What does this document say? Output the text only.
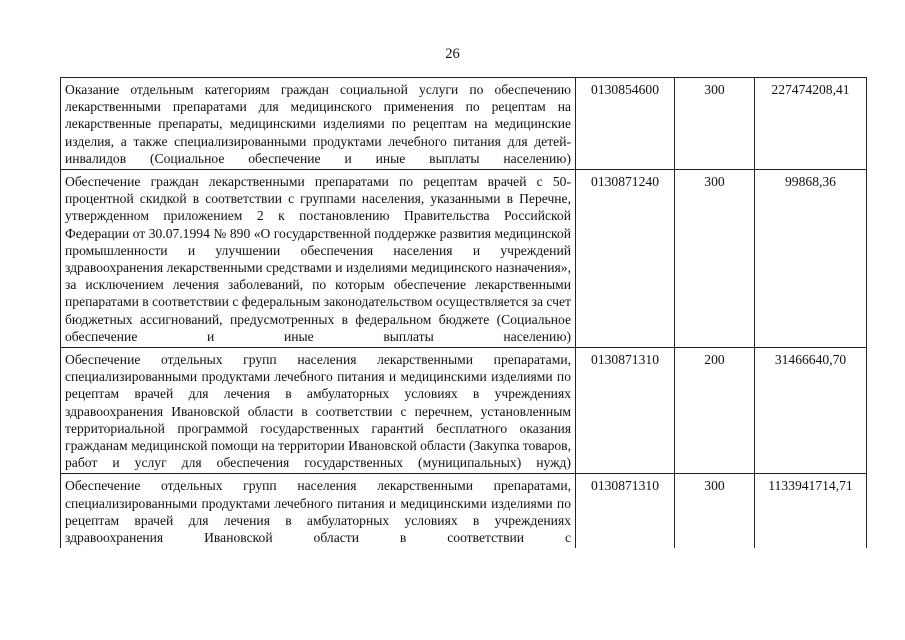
26
Оказание отдельным категориям граждан социальной услуги по обеспечению лекарственными препаратами для медицинского применения по рецептам на лекарственные препараты, медицинскими изделиями по рецептам на медицинские изделия, а также специализированными продуктами лечебного питания для детей-инвалидов (Социальное обеспечение и иные выплаты населению)	0130854600	300	227474208,41
Обеспечение граждан лекарственными препаратами по рецептам врачей с 50-процентной скидкой в соответствии с группами населения, указанными в Перечне, утвержденном приложением 2 к постановлению Правительства Российской Федерации от 30.07.1994 № 890 «О государственной поддержке развития медицинской промышленности и улучшении обеспечения населения и учреждений здравоохранения лекарственными средствами и изделиями медицинского назначения», за исключением лечения заболеваний, по которым обеспечение лекарственными препаратами в соответствии с федеральным законодательством осуществляется за счет бюджетных ассигнований, предусмотренных в федеральном бюджете (Социальное обеспечение и иные выплаты населению)	0130871240	300	99868,36
Обеспечение отдельных групп населения лекарственными препаратами, специализированными продуктами лечебного питания и медицинскими изделиями по рецептам врачей для лечения в амбулаторных условиях в учреждениях здравоохранения Ивановской области в соответствии с перечнем, установленным территориальной программой государственных гарантий бесплатного оказания гражданам медицинской помощи на территории Ивановской области (Закупка товаров, работ и услуг для обеспечения государственных (муниципальных) нужд)	0130871310	200	31466640,70
Обеспечение отдельных групп населения лекарственными препаратами, специализированными продуктами лечебного питания и медицинскими изделиями по рецептам врачей для лечения в амбулаторных условиях в учреждениях здравоохранения Ивановской области в соответствии с	0130871310	300	1133941714,71
